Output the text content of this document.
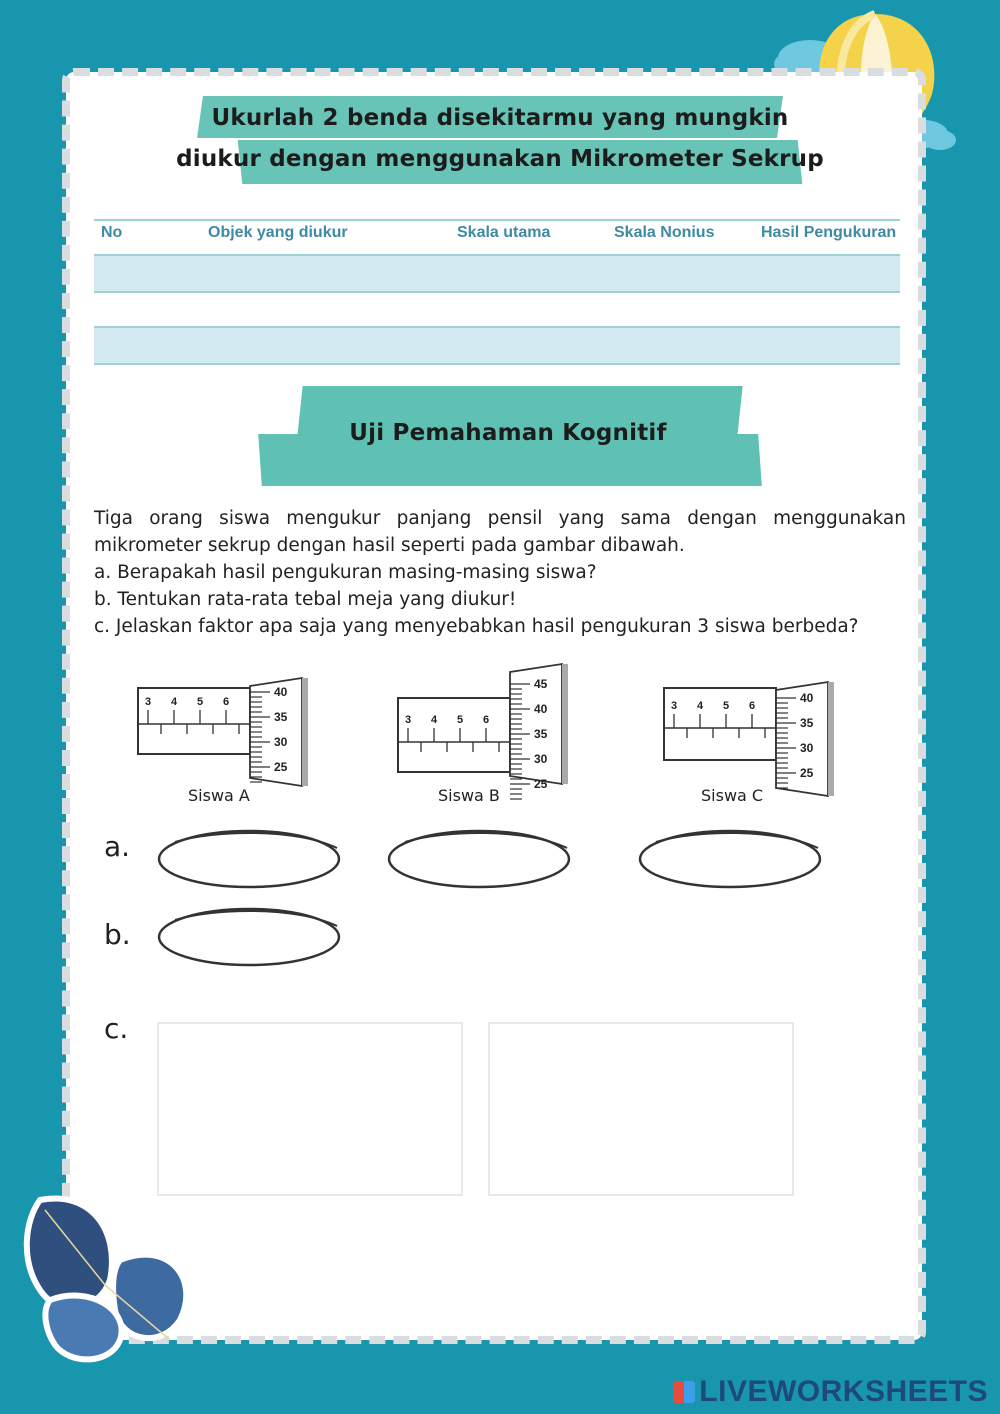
Ukurlah 2 benda disekitarmu yang mungkin
diukur dengan menggunakan Mikrometer Sekrup
No	Objek yang diukur	Skala utama	Skala Nonius	Hasil Pengukuran
Uji Pemahaman Kognitif
Tiga orang siswa mengukur panjang pensil yang sama dengan menggunakan
mikrometer sekrup dengan hasil seperti pada gambar dibawah.
a. Berapakah hasil pengukuran masing-masing siswa?
b. Tentukan rata-rata tebal meja yang diukur!
c. Jelaskan faktor apa saja yang menyebabkan hasil pengukuran 3 siswa berbeda?
3 4 5 6
40
35
30
25
3 4 5 6
45
40
35
30
25
3 4 5 6
40
35
30
25
Siswa A	Siswa B	Siswa C
a.
b.
c.
LIVEWORKSHEETS
